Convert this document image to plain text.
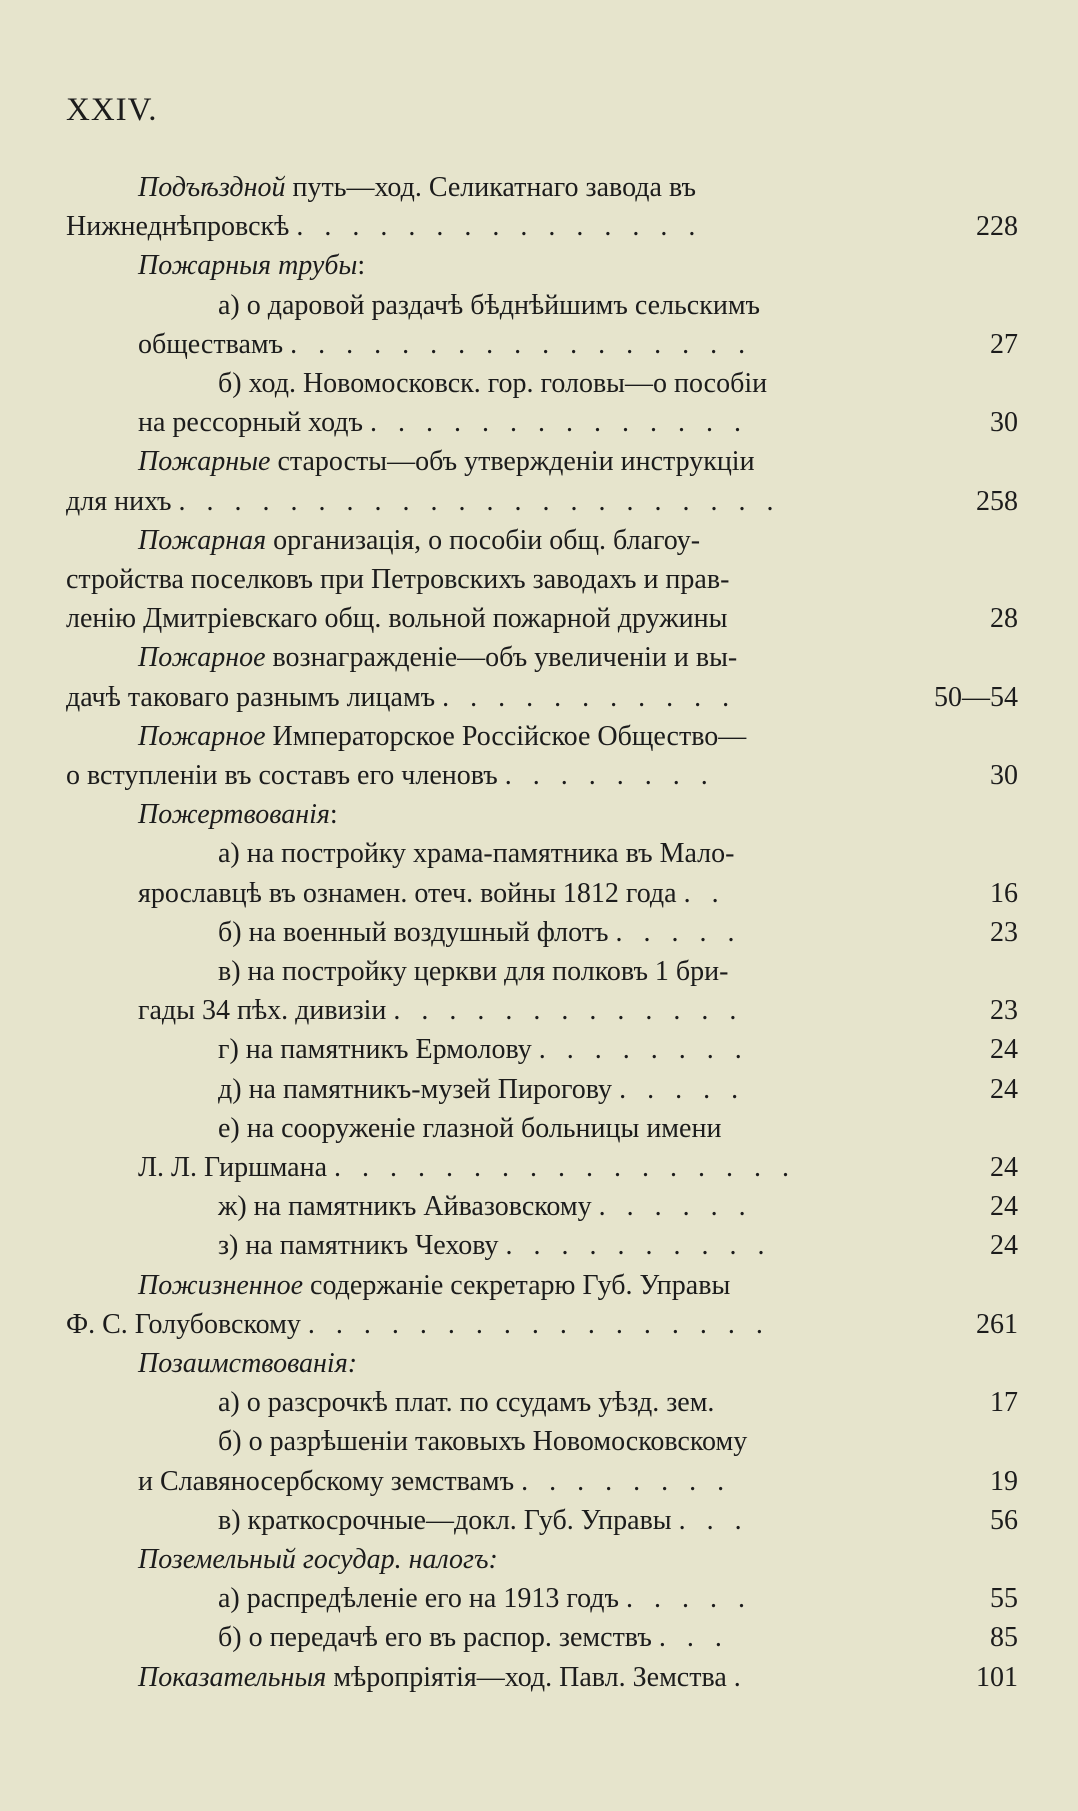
XXIV.
Подъѣздной путь—ход. Селикатнаго завода въ
Нижнеднѣпровскѣ . . . . . . . . . . . . . . .	228
Пожарныя трубы:
а) о даровой раздачѣ бѣднѣйшимъ сельскимъ
обществамъ . . . . . . . . . . . . . . . . .	27
б) ход. Новомосковск. гор. головы—о пособіи
на рессорный ходъ . . . . . . . . . . . . . .	30
Пожарные старосты—объ утвержденіи инструкціи
для нихъ . . . . . . . . . . . . . . . . . . . . . .	258
Пожарная организація, о пособіи общ. благоу-
стройства поселковъ при Петровскихъ заводахъ и прав-
ленію Дмитріевскаго общ. вольной пожарной дружины	28
Пожарное вознагражденіе—объ увеличеніи и вы-
дачѣ таковаго разнымъ лицамъ . . . . . . . . . . .	50—54
Пожарное Императорское Россійское Общество—
о вступленіи въ составъ его членовъ . . . . . . . .	30
Пожертвованія:
а) на постройку храма-памятника въ Мало-
ярославцѣ въ ознамен. отеч. войны 1812 года . .	16
б) на военный воздушный флотъ . . . . .	23
в) на постройку церкви для полковъ 1 бри-
гады 34 пѣх. дивизіи . . . . . . . . . . . . .	23
г) на памятникъ Ермолову . . . . . . . .	24
д) на памятникъ-музей Пирогову . . . . .	24
е) на сооруженіе глазной больницы имени
Л. Л. Гиршмана . . . . . . . . . . . . . . . . .	24
ж) на памятникъ Айвазовскому . . . . . .	24
з) на памятникъ Чехову . . . . . . . . . .	24
Пожизненное содержаніе секретарю Губ. Управы
Ф. С. Голубовскому . . . . . . . . . . . . . . . . .	261
Позаимствованія:
а) о разсрочкѣ плат. по ссудамъ уѣзд. зем.	17
б) о разрѣшеніи таковыхъ Новомосковскому
и Славяносербскому земствамъ . . . . . . . .	19
в) краткосрочные—докл. Губ. Управы . . .	56
Поземельный государ. налогъ:
а) распредѣленіе его на 1913 годъ . . . . .	55
б) о передачѣ его въ распор. земствъ . . .	85
Показательныя мѣропріятія—ход. Павл. Земства .	101
